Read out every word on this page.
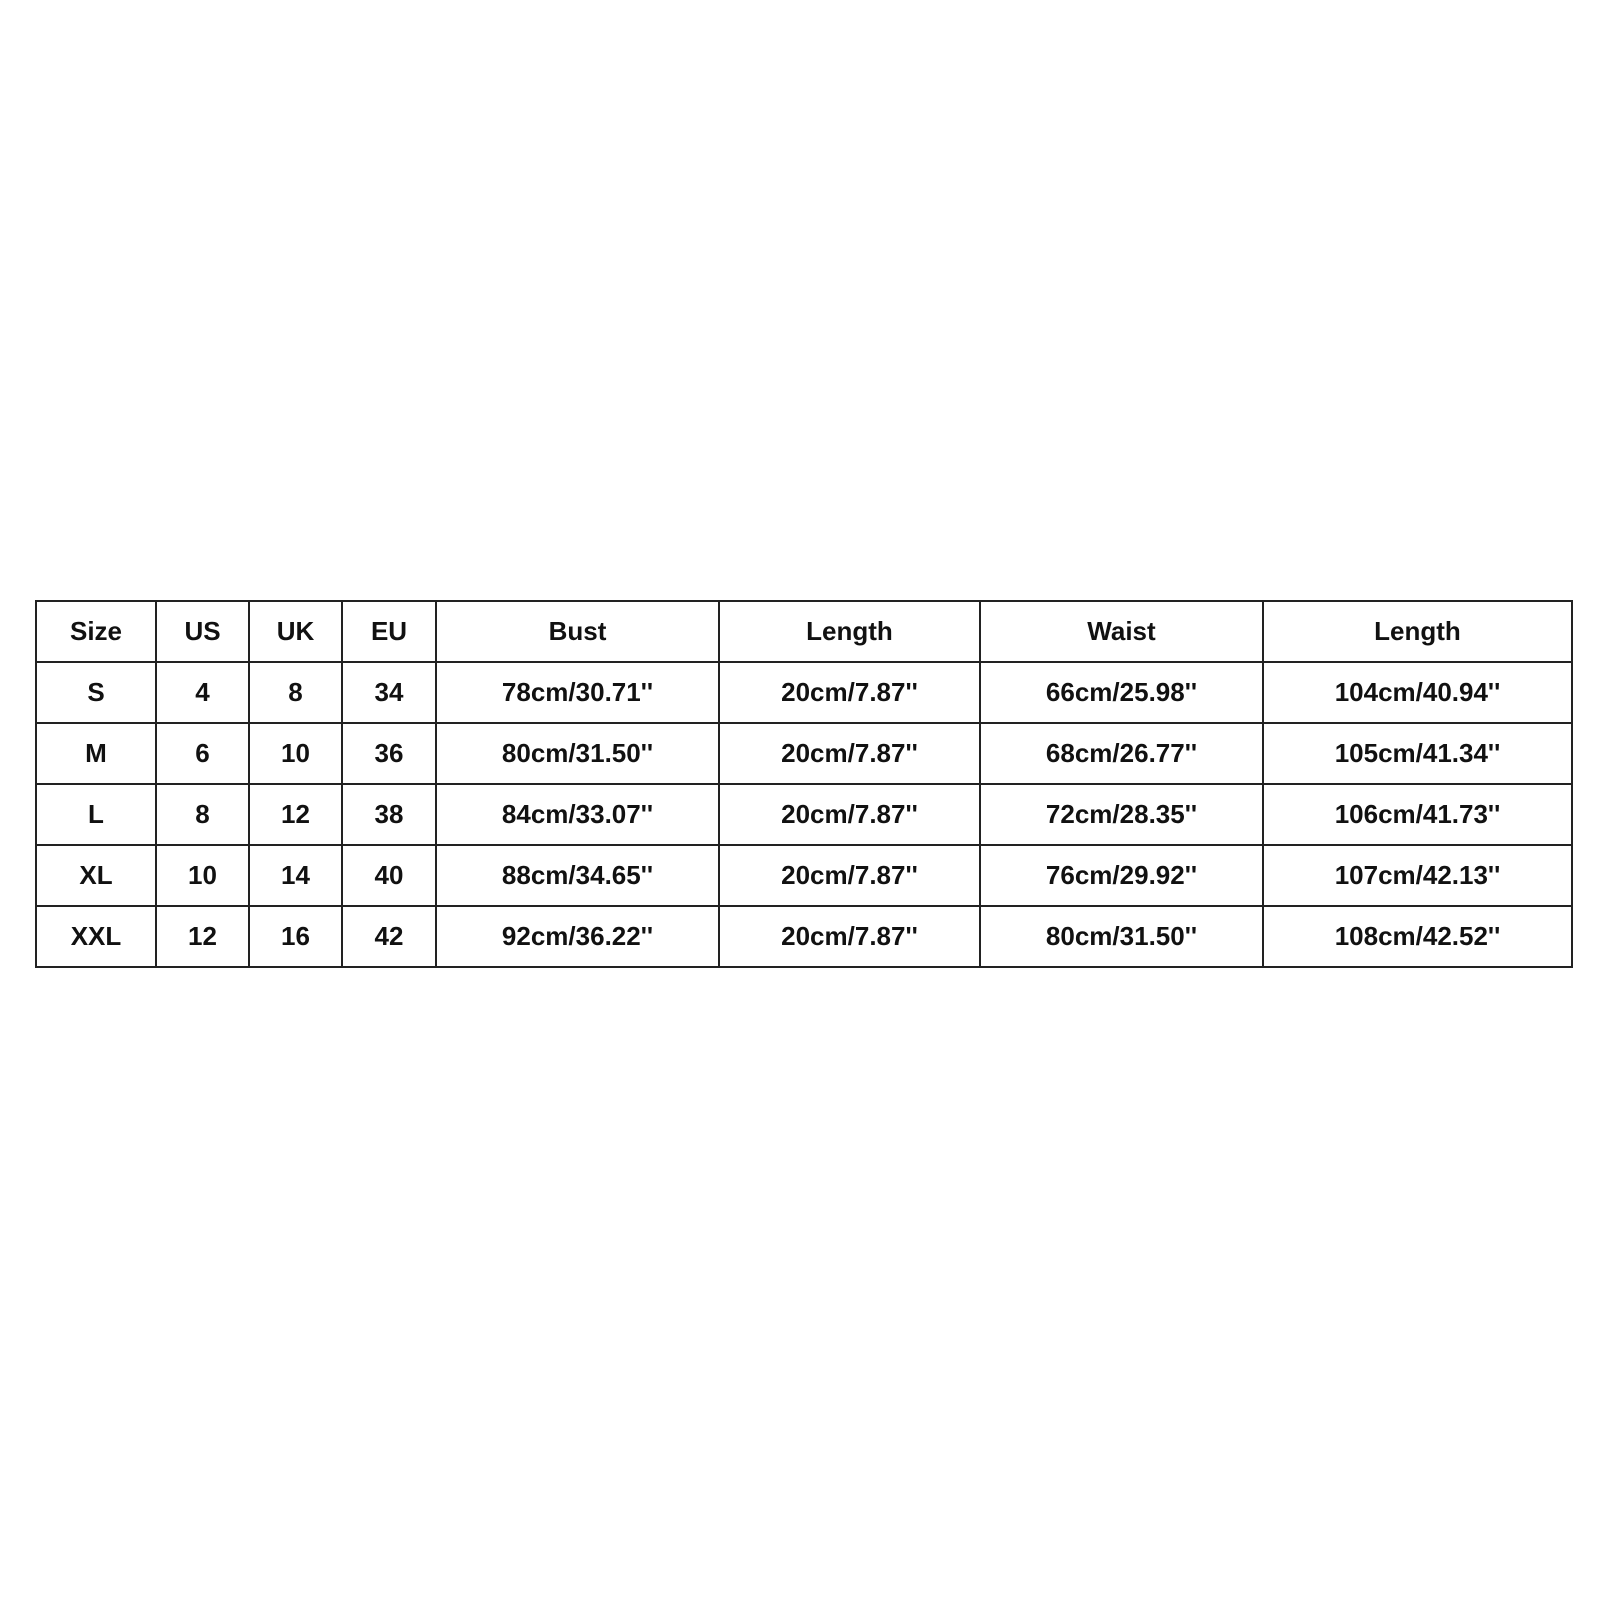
Size	US	UK	EU	Bust	Length	Waist	Length
S	4	8	34	78cm/30.71''	20cm/7.87''	66cm/25.98''	104cm/40.94''
M	6	10	36	80cm/31.50''	20cm/7.87''	68cm/26.77''	105cm/41.34''
L	8	12	38	84cm/33.07''	20cm/7.87''	72cm/28.35''	106cm/41.73''
XL	10	14	40	88cm/34.65''	20cm/7.87''	76cm/29.92''	107cm/42.13''
XXL	12	16	42	92cm/36.22''	20cm/7.87''	80cm/31.50''	108cm/42.52''
